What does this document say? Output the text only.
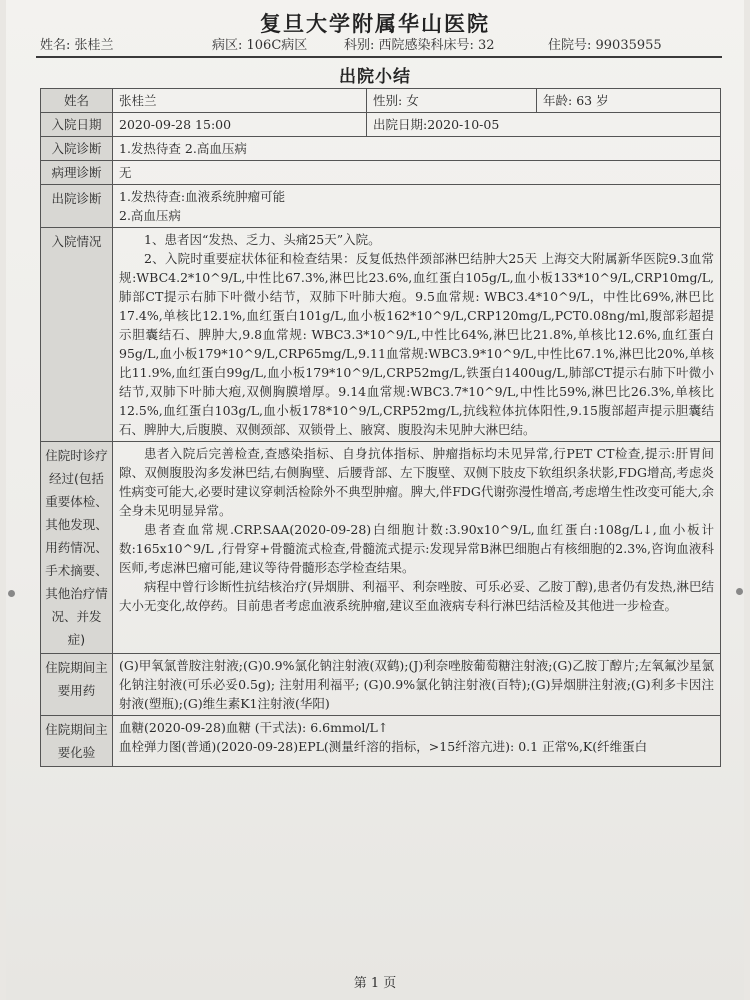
复旦大学附属华山医院
姓名: 张桂兰	病区: 106C病区	科别: 西院感染科床号: 32	住院号: 99035955
出院小结
姓名	张桂兰	性别: 女	年龄: 63 岁
入院日期	2020-09-28 15:00	出院日期:2020-10-05	
入院诊断	1.发热待查 2.高血压病		
病理诊断	无		
出院诊断	1.发热待查:血液系统肿瘤可能
2.高血压病		

入院情况	1、患者因“发热、乏力、头痛25天”入院。
2、入院时重要症状体征和检查结果：反复低热伴颈部淋巴结肿大25天 上海交大附属新华医院9.3血常规:WBC4.2*10^9/L,中性比67.3%,淋巴比23.6%,血红蛋白105g/L,血小板133*10^9/L,CRP10mg/L,肺部CT提示右肺下叶微小结节，双肺下叶肺大疱。9.5血常规: WBC3.4*10^9/L，中性比69%,淋巴比17.4%,单核比12.1%,血红蛋白101g/L,血小板162*10^9/L,CRP120mg/L,PCT0.08ng/ml,腹部彩超提示胆囊结石、脾肿大,9.8血常规: WBC3.3*10^9/L,中性比64%,淋巴比21.8%,单核比12.6%,血红蛋白95g/L,血小板179*10^9/L,CRP65mg/L,9.11血常规:WBC3.9*10^9/L,中性比67.1%,淋巴比20%,单核比11.9%,血红蛋白99g/L,血小板179*10^9/L,CRP52mg/L,铁蛋白1400ug/L,肺部CT提示右肺下叶微小结节,双肺下叶肺大疱,双侧胸膜增厚。9.14血常规:WBC3.7*10^9/L,中性比59%,淋巴比26.3%,单核比12.5%,血红蛋白103g/L,血小板178*10^9/L,CRP52mg/L,抗线粒体抗体阳性,9.15腹部超声提示胆囊结石、脾肿大,后腹膜、双侧颈部、双锁骨上、腋窝、腹股沟未见肿大淋巴结。		

住院时诊疗经过(包括重要体检、其他发现、用药情况、手术摘要、其他治疗情况、并发症)	患者入院后完善检查,查感染指标、自身抗体指标、肿瘤指标均未见异常,行PET CT检查,提示:肝胃间隙、双侧腹股沟多发淋巴结,右侧胸壁、后腰背部、左下腹壁、双侧下肢皮下软组织条状影,FDG增高,考虑炎性病变可能大,必要时建议穿刺活检除外不典型肿瘤。脾大,伴FDG代谢弥漫性增高,考虑增生性改变可能大,余全身未见明显异常。
患者查血常规.CRP.SAA(2020-09-28)白细胞计数:3.90x10^9/L,血红蛋白:108g/L↓,血小板计数:165x10^9/L ,行骨穿+骨髓流式检查,骨髓流式提示:发现异常B淋巴细胞占有核细胞的2.3%,咨询血液科医师,考虑淋巴瘤可能,建议等待骨髓形态学检查结果。
病程中曾行诊断性抗结核治疗(异烟肼、利福平、利奈唑胺、可乐必妥、乙胺丁醇),患者仍有发热,淋巴结大小无变化,故停药。目前患者考虑血液系统肿瘤,建议至血液病专科行淋巴结活检及其他进一步检查。		

住院期间主要用药	(G)甲氧氯普胺注射液;(G)0.9%氯化钠注射液(双鹤);(J)利奈唑胺葡萄糖注射液;(G)乙胺丁醇片;左氧氟沙星氯化钠注射液(可乐必妥0.5g); 注射用利福平; (G)0.9%氯化钠注射液(百特);(G)异烟肼注射液;(G)利多卡因注射液(塑瓶);(G)维生素K1注射液(华阳)		

住院期间主要化验	血糖(2020-09-28)血糖 (干式法): 6.6mmol/L↑
血栓弹力图(普通)(2020-09-28)EPL(测量纤溶的指标，>15纤溶亢进): 0.1 正常%,K(纤维蛋白		
第 1 页
